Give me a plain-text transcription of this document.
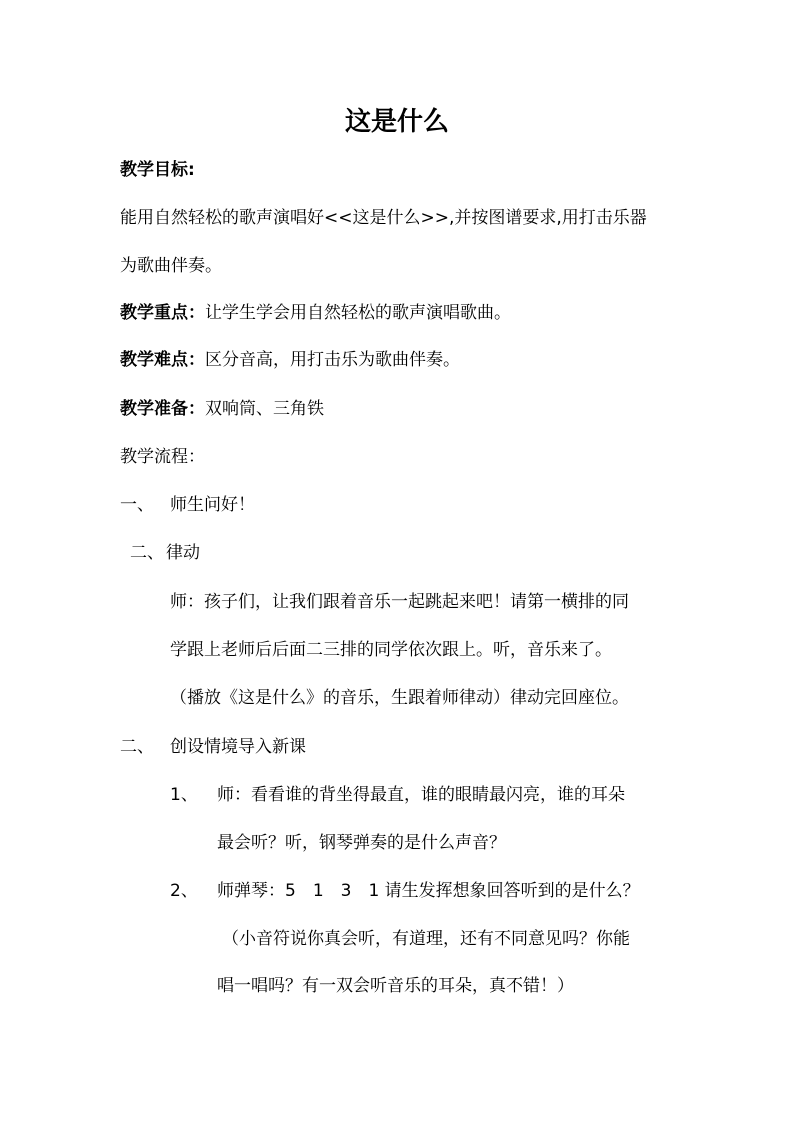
这是什么
教学目标:
能用自然轻松的歌声演唱好<<这是什么>>,并按图谱要求,用打击乐器
为歌曲伴奏。
教学重点：让学生学会用自然轻松的歌声演唱歌曲。
教学难点：区分音高，用打击乐为歌曲伴奏。
教学准备：双响筒、三角铁
教学流程：
一、 师生问好！
二、 律动
师：孩子们，让我们跟着音乐一起跳起来吧！请第一横排的同
学跟上老师后后面二三排的同学依次跟上。听，音乐来了。
（播放《这是什么》的音乐，生跟着师律动）律动完回座位。
二、 创设情境导入新课
1、 师：看看谁的背坐得最直，谁的眼睛最闪亮，谁的耳朵
最会听？听，钢琴弹奏的是什么声音？
2、 师弹琴：5　1　3　1 请生发挥想象回答听到的是什么？
（小音符说你真会听，有道理，还有不同意见吗？你能
唱一唱吗？有一双会听音乐的耳朵，真不错！）
